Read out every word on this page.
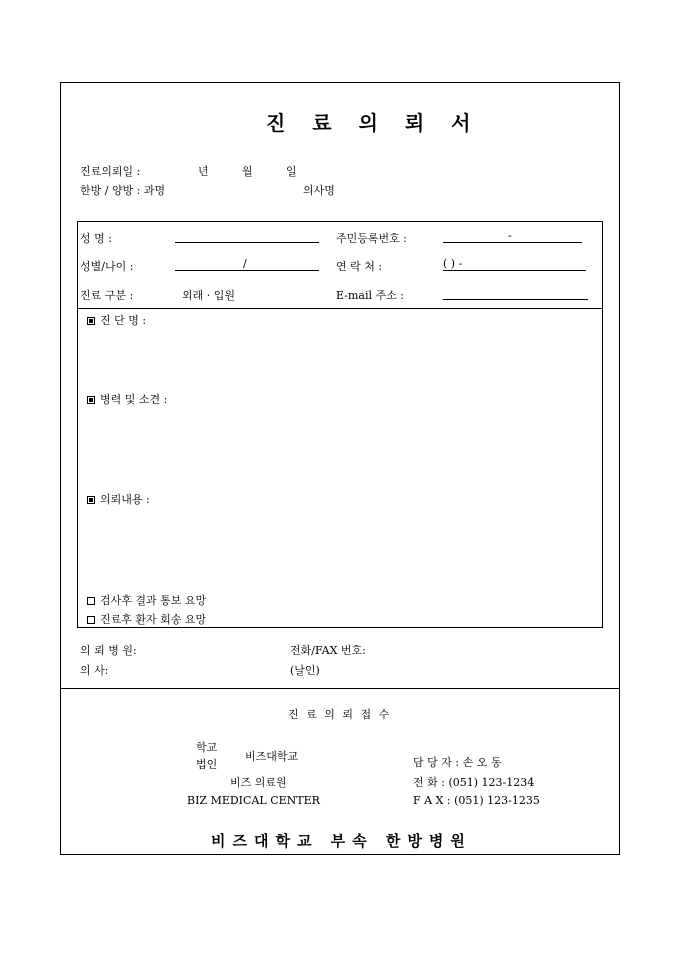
진 료 의 뢰 서
진료의뢰일 :	년	월	일
한방 / 양방 : 과명	의사명
성 명 :	주민등록번호 :	-
성별/나이 :	/	연 락 처 :	( ) -
진료 구분 :	외래 · 입원	E-mail 주소 :
진 단 명 :
병력 및 소견 :
의뢰내용 :
검사후 결과 통보 요망
진료후 환자 회송 요망
의 뢰 병 원:	전화/FAX 번호:
의 사:	(날인)
진 료 의 뢰 접 수
학교
법인
비즈대학교
비즈 의료원
BIZ MEDICAL CENTER
담 당 자 : 손 오 동
전 화 : (051) 123-1234
F A X : (051) 123-1235
비즈대학교 부속 한방병원
